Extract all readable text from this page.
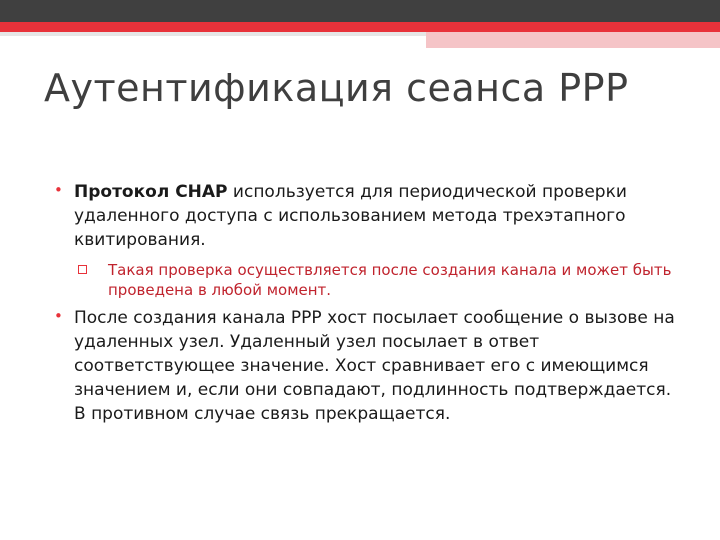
Аутентификация сеанса PPP
• Протокол CHAP используется для периодической проверки удаленного доступа с использованием метода трехэтапного квитирования.
Такая проверка осуществляется после создания канала и может быть проведена в любой момент.
• После создания канала PPP хост посылает сообщение о вызове на удаленных узел. Удаленный узел посылает в ответ соответствующее значение. Хост сравнивает его с имеющимся значением и, если они совпадают, подлинность подтверждается. В противном случае связь прекращается.
